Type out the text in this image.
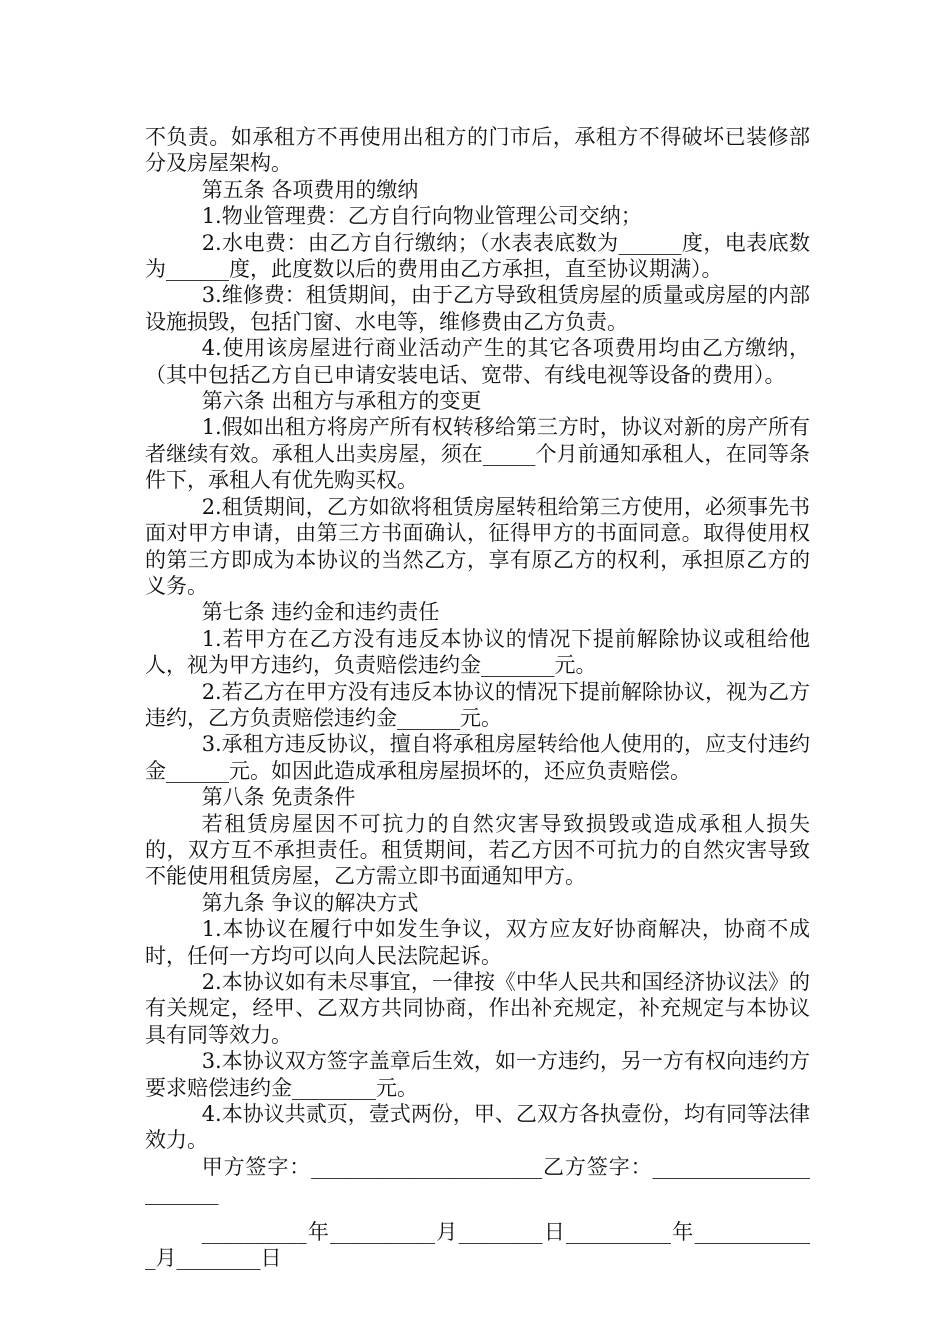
不负责。如承租方不再使用出租方的门市后，承租方不得破坏已装修部分及房屋架构。

第五条 各项费用的缴纳

1.物业管理费：乙方自行向物业管理公司交纳；

2.水电费：由乙方自行缴纳；（水表表底数为______度，电表底数为______度，此度数以后的费用由乙方承担，直至协议期满）。

3.维修费：租赁期间，由于乙方导致租赁房屋的质量或房屋的内部设施损毁，包括门窗、水电等，维修费由乙方负责。

4.使用该房屋进行商业活动产生的其它各项费用均由乙方缴纳，（其中包括乙方自已申请安装电话、宽带、有线电视等设备的费用）。

第六条 出租方与承租方的变更

1.假如出租方将房产所有权转移给第三方时，协议对新的房产所有者继续有效。承租人出卖房屋，须在_____个月前通知承租人，在同等条件下，承租人有优先购买权。

2.租赁期间，乙方如欲将租赁房屋转租给第三方使用，必须事先书面对甲方申请，由第三方书面确认，征得甲方的书面同意。取得使用权的第三方即成为本协议的当然乙方，享有原乙方的权利，承担原乙方的义务。

第七条 违约金和违约责任

1.若甲方在乙方没有违反本协议的情况下提前解除协议或租给他人，视为甲方违约，负责赔偿违约金_______元。

2.若乙方在甲方没有违反本协议的情况下提前解除协议，视为乙方违约，乙方负责赔偿违约金______元。

3.承租方违反协议，擅自将承租房屋转给他人使用的，应支付违约金______元。如因此造成承租房屋损坏的，还应负责赔偿。

第八条 免责条件

若租赁房屋因不可抗力的自然灾害导致损毁或造成承租人损失的，双方互不承担责任。租赁期间，若乙方因不可抗力的自然灾害导致不能使用租赁房屋，乙方需立即书面通知甲方。

第九条 争议的解决方式

1.本协议在履行中如发生争议，双方应友好协商解决，协商不成时，任何一方均可以向人民法院起诉。

2.本协议如有未尽事宜，一律按《中华人民共和国经济协议法》的有关规定，经甲、乙双方共同协商，作出补充规定，补充规定与本协议具有同等效力。

3.本协议双方签字盖章后生效，如一方违约，另一方有权向违约方要求赔偿违约金________元。

4.本协议共贰页，壹式两份，甲、乙双方各执壹份，均有同等法律效力。

甲方签字：______________________乙方签字：______________________

__________年__________月________日__________年____________月________日
